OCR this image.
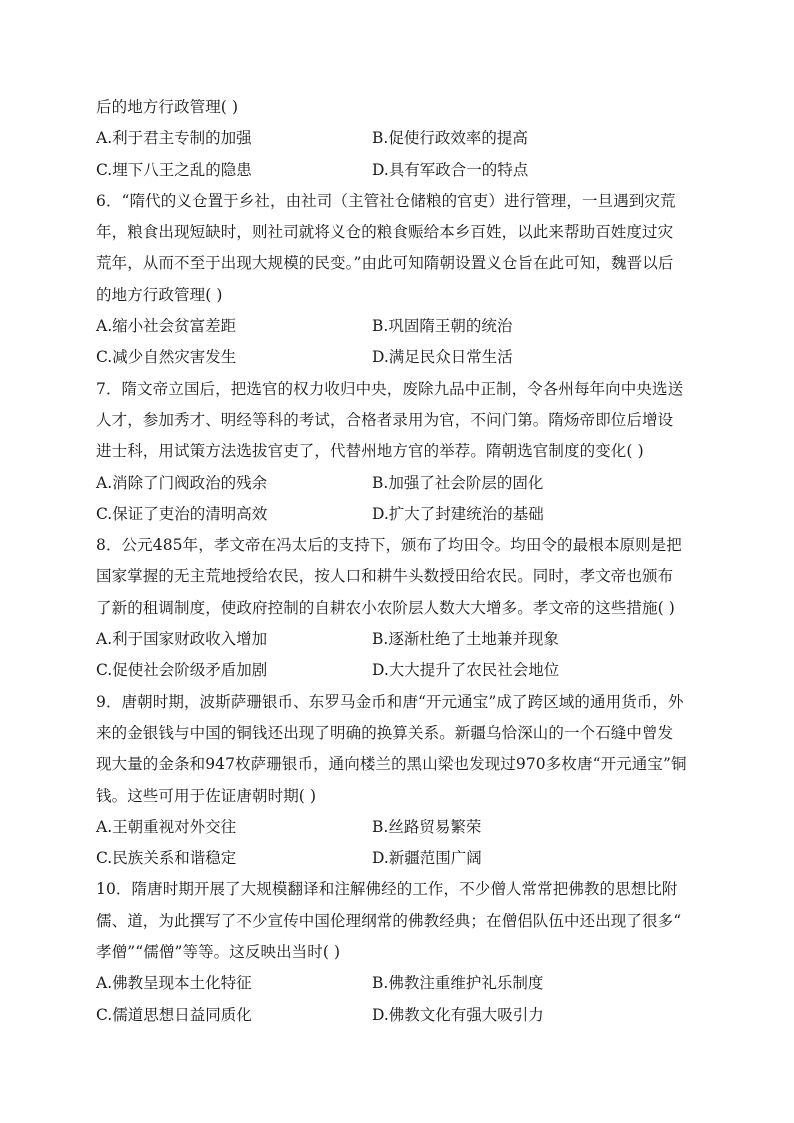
后的地方行政管理( )
A.利于君主专制的加强	B.促使行政效率的提高
C.埋下八王之乱的隐患	D.具有军政合一的特点
6．“隋代的义仓置于乡社，由社司（主管社仓储粮的官吏）进行管理，一旦遇到灾荒
年，粮食出现短缺时，则社司就将义仓的粮食赈给本乡百姓，以此来帮助百姓度过灾
荒年，从而不至于出现大规模的民变。”由此可知隋朝设置义仓旨在此可知，魏晋以后
的地方行政管理( )
A.缩小社会贫富差距	B.巩固隋王朝的统治
C.减少自然灾害发生	D.满足民众日常生活
7．隋文帝立国后，把选官的权力收归中央，废除九品中正制，令各州每年向中央选送
人才，参加秀才、明经等科的考试，合格者录用为官，不问门第。隋炀帝即位后增设
进士科，用试策方法选拔官吏了，代替州地方官的举荐。隋朝选官制度的变化( )
A.消除了门阀政治的残余	B.加强了社会阶层的固化
C.保证了吏治的清明高效	D.扩大了封建统治的基础
8．公元485年，孝文帝在冯太后的支持下，颁布了均田令。均田令的最根本原则是把
国家掌握的无主荒地授给农民，按人口和耕牛头数授田给农民。同时，孝文帝也颁布
了新的租调制度，使政府控制的自耕农小农阶层人数大大增多。孝文帝的这些措施( )
A.利于国家财政收入增加	B.逐渐杜绝了土地兼并现象
C.促使社会阶级矛盾加剧	D.大大提升了农民社会地位
9．唐朝时期，波斯萨珊银币、东罗马金币和唐“开元通宝”成了跨区域的通用货币，外
来的金银钱与中国的铜钱还出现了明确的换算关系。新疆乌恰深山的一个石缝中曾发
现大量的金条和947枚萨珊银币，通向楼兰的黑山梁也发现过970多枚唐“开元通宝”铜
钱。这些可用于佐证唐朝时期( )
A.王朝重视对外交往	B.丝路贸易繁荣
C.民族关系和谐稳定	D.新疆范围广阔
10．隋唐时期开展了大规模翻译和注解佛经的工作，不少僧人常常把佛教的思想比附
儒、道，为此撰写了不少宣传中国伦理纲常的佛教经典；在僧侣队伍中还出现了很多“
孝僧”“儒僧”等等。这反映出当时( )
A.佛教呈现本土化特征	B.佛教注重维护礼乐制度
C.儒道思想日益同质化	D.佛教文化有强大吸引力
